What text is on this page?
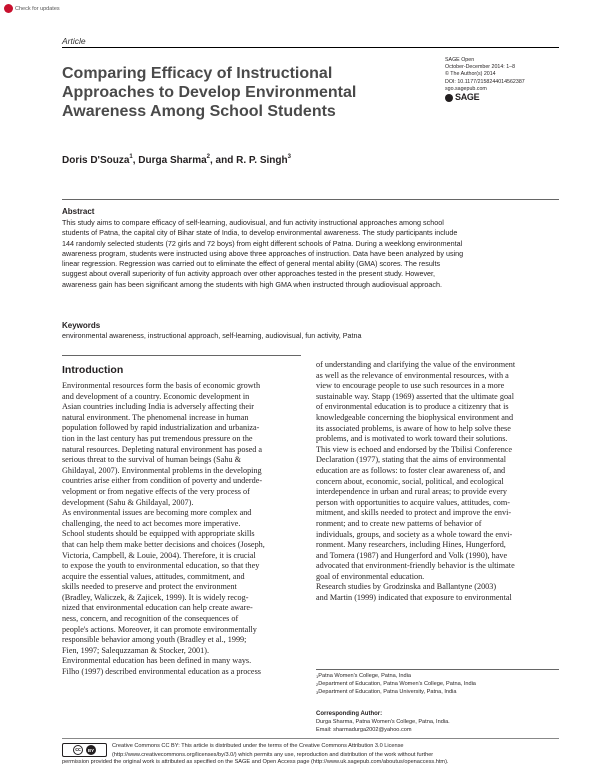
Check for updates
Article
Comparing Efficacy of Instructional
Approaches to Develop Environmental
Awareness Among School Students
SAGE Open
October-December 2014: 1–8
© The Author(s) 2014
DOI: 10.1177/2158244014562387
sgo.sagepub.com
SAGE
Doris D'Souza$^1$, Durga Sharma$^2$, and R. P. Singh$^3$
Abstract
This study aims to compare efficacy of self-learning, audiovisual, and fun activity instructional approaches among school
students of Patna, the capital city of Bihar state of India, to develop environmental awareness. The study participants include
144 randomly selected students (72 girls and 72 boys) from eight different schools of Patna. During a weeklong environmental
awareness program, students were instructed using above three approaches of instruction. Data have been analyzed by using
linear regression. Regression was carried out to eliminate the effect of general mental ability (GMA) scores. The results
suggest about overall superiority of fun activity approach over other approaches tested in the present study. However,
awareness gain has been significant among the students with high GMA when instructed through audiovisual approach.
Keywords
environmental awareness, instructional approach, self-learning, audiovisual, fun activity, Patna
Introduction
Environmental resources form the basis of economic growth
and development of a country. Economic development in
Asian countries including India is adversely affecting their
natural environment. The phenomenal increase in human
population followed by rapid industrialization and urbaniza-
tion in the last century has put tremendous pressure on the
natural resources. Depleting natural environment has posed a
serious threat to the survival of human beings (Sahu &
Ghildayal, 2007). Environmental problems in the developing
countries arise either from condition of poverty and underde-
velopment or from negative effects of the very process of
development (Sahu & Ghildayal, 2007).
As environmental issues are becoming more complex and
challenging, the need to act becomes more imperative.
School students should be equipped with appropriate skills
that can help them make better decisions and choices (Joseph,
Victoria, Campbell, & Louie, 2004). Therefore, it is crucial
to expose the youth to environmental education, so that they
acquire the essential values, attitudes, commitment, and
skills needed to preserve and protect the environment
(Bradley, Waliczek, & Zajicek, 1999). It is widely recog-
nized that environmental education can help create aware-
ness, concern, and recognition of the consequences of
people's actions. Moreover, it can promote environmentally
responsible behavior among youth (Bradley et al., 1999;
Fien, 1997; Salequzzaman & Stocker, 2001).
Environmental education has been defined in many ways.
Filho (1997) described environmental education as a process
of understanding and clarifying the value of the environment
as well as the relevance of environmental resources, with a
view to encourage people to use such resources in a more
sustainable way. Stapp (1969) asserted that the ultimate goal
of environmental education is to produce a citizenry that is
knowledgeable concerning the biophysical environment and
its associated problems, is aware of how to help solve these
problems, and is motivated to work toward their solutions.
This view is echoed and endorsed by the Tbilisi Conference
Declaration (1977), stating that the aims of environmental
education are as follows: to foster clear awareness of, and
concern about, economic, social, political, and ecological
interdependence in urban and rural areas; to provide every
person with opportunities to acquire values, attitudes, com-
mitment, and skills needed to protect and improve the envi-
ronment; and to create new patterns of behavior of
individuals, groups, and society as a whole toward the envi-
ronment. Many researchers, including Hines, Hungerford,
and Tomera (1987) and Hungerford and Volk (1990), have
advocated that environment-friendly behavior is the ultimate
goal of environmental education.
Research studies by Grodzinska and Ballantyne (2003)
and Martin (1999) indicated that exposure to environmental
$^1$Patna Women's College, Patna, India
$^2$Department of Education, Patna Women's College, Patna, India
$^3$Department of Education, Patna University, Patna, India
Corresponding Author:
Durga Sharma, Patna Women's College, Patna, India.
Email: sharmadurga2002@yahoo.com
cc	BY
Creative Commons CC BY: This article is distributed under the terms of the Creative Commons Attribution 3.0 License
(http://www.creativecommons.org/licenses/by/3.0/) which permits any use, reproduction and distribution of the work without further
permission provided the original work is attributed as specified on the SAGE and Open Access page (http://www.uk.sagepub.com/aboutus/openaccess.htm).
